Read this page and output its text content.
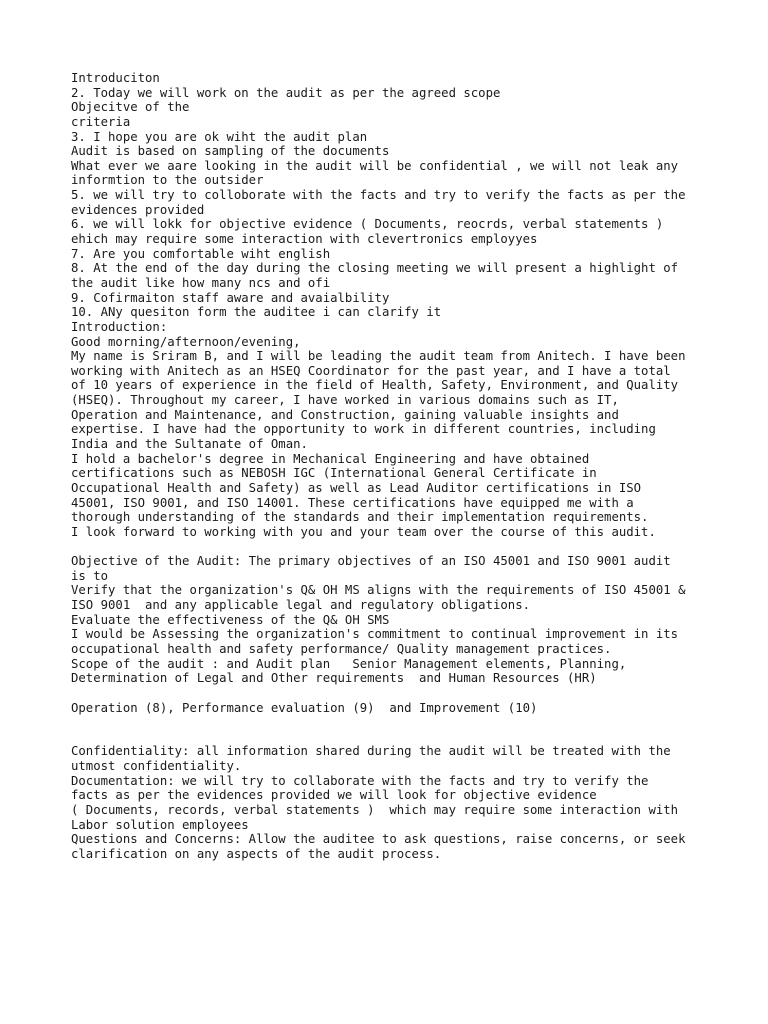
Introduciton
2. Today we will work on the audit as per the agreed scope
Objecitve of the
criteria
3. I hope you are ok wiht the audit plan
Audit is based on sampling of the documents
What ever we aare looking in the audit will be confidential , we will not leak any
informtion to the outsider
5. we will try to colloborate with the facts and try to verify the facts as per the
evidences provided
6. we will lokk for objective evidence ( Documents, reocrds, verbal statements )
ehich may require some interaction with clevertronics employyes
7. Are you comfortable wiht english
8. At the end of the day during the closing meeting we will present a highlight of
the audit like how many ncs and ofi
9. Cofirmaiton staff aware and avaialbility
10. ANy quesiton form the auditee i can clarify it
Introduction:
Good morning/afternoon/evening,
My name is Sriram B, and I will be leading the audit team from Anitech. I have been
working with Anitech as an HSEQ Coordinator for the past year, and I have a total
of 10 years of experience in the field of Health, Safety, Environment, and Quality
(HSEQ). Throughout my career, I have worked in various domains such as IT,
Operation and Maintenance, and Construction, gaining valuable insights and
expertise. I have had the opportunity to work in different countries, including
India and the Sultanate of Oman.
I hold a bachelor's degree in Mechanical Engineering and have obtained
certifications such as NEBOSH IGC (International General Certificate in
Occupational Health and Safety) as well as Lead Auditor certifications in ISO
45001, ISO 9001, and ISO 14001. These certifications have equipped me with a
thorough understanding of the standards and their implementation requirements.
I look forward to working with you and your team over the course of this audit.
Objective of the Audit: The primary objectives of an ISO 45001 and ISO 9001 audit
is to
Verify that the organization's Q& OH MS aligns with the requirements of ISO 45001 &
ISO 9001  and any applicable legal and regulatory obligations.
Evaluate the effectiveness of the Q& OH SMS
I would be Assessing the organization's commitment to continual improvement in its
occupational health and safety performance/ Quality management practices.
Scope of the audit : and Audit plan   Senior Management elements, Planning,
Determination of Legal and Other requirements  and Human Resources (HR)
Operation (8), Performance evaluation (9)  and Improvement (10)
Confidentiality: all information shared during the audit will be treated with the
utmost confidentiality.
Documentation: we will try to collaborate with the facts and try to verify the
facts as per the evidences provided we will look for objective evidence
( Documents, records, verbal statements )  which may require some interaction with
Labor solution employees
Questions and Concerns: Allow the auditee to ask questions, raise concerns, or seek
clarification on any aspects of the audit process.
